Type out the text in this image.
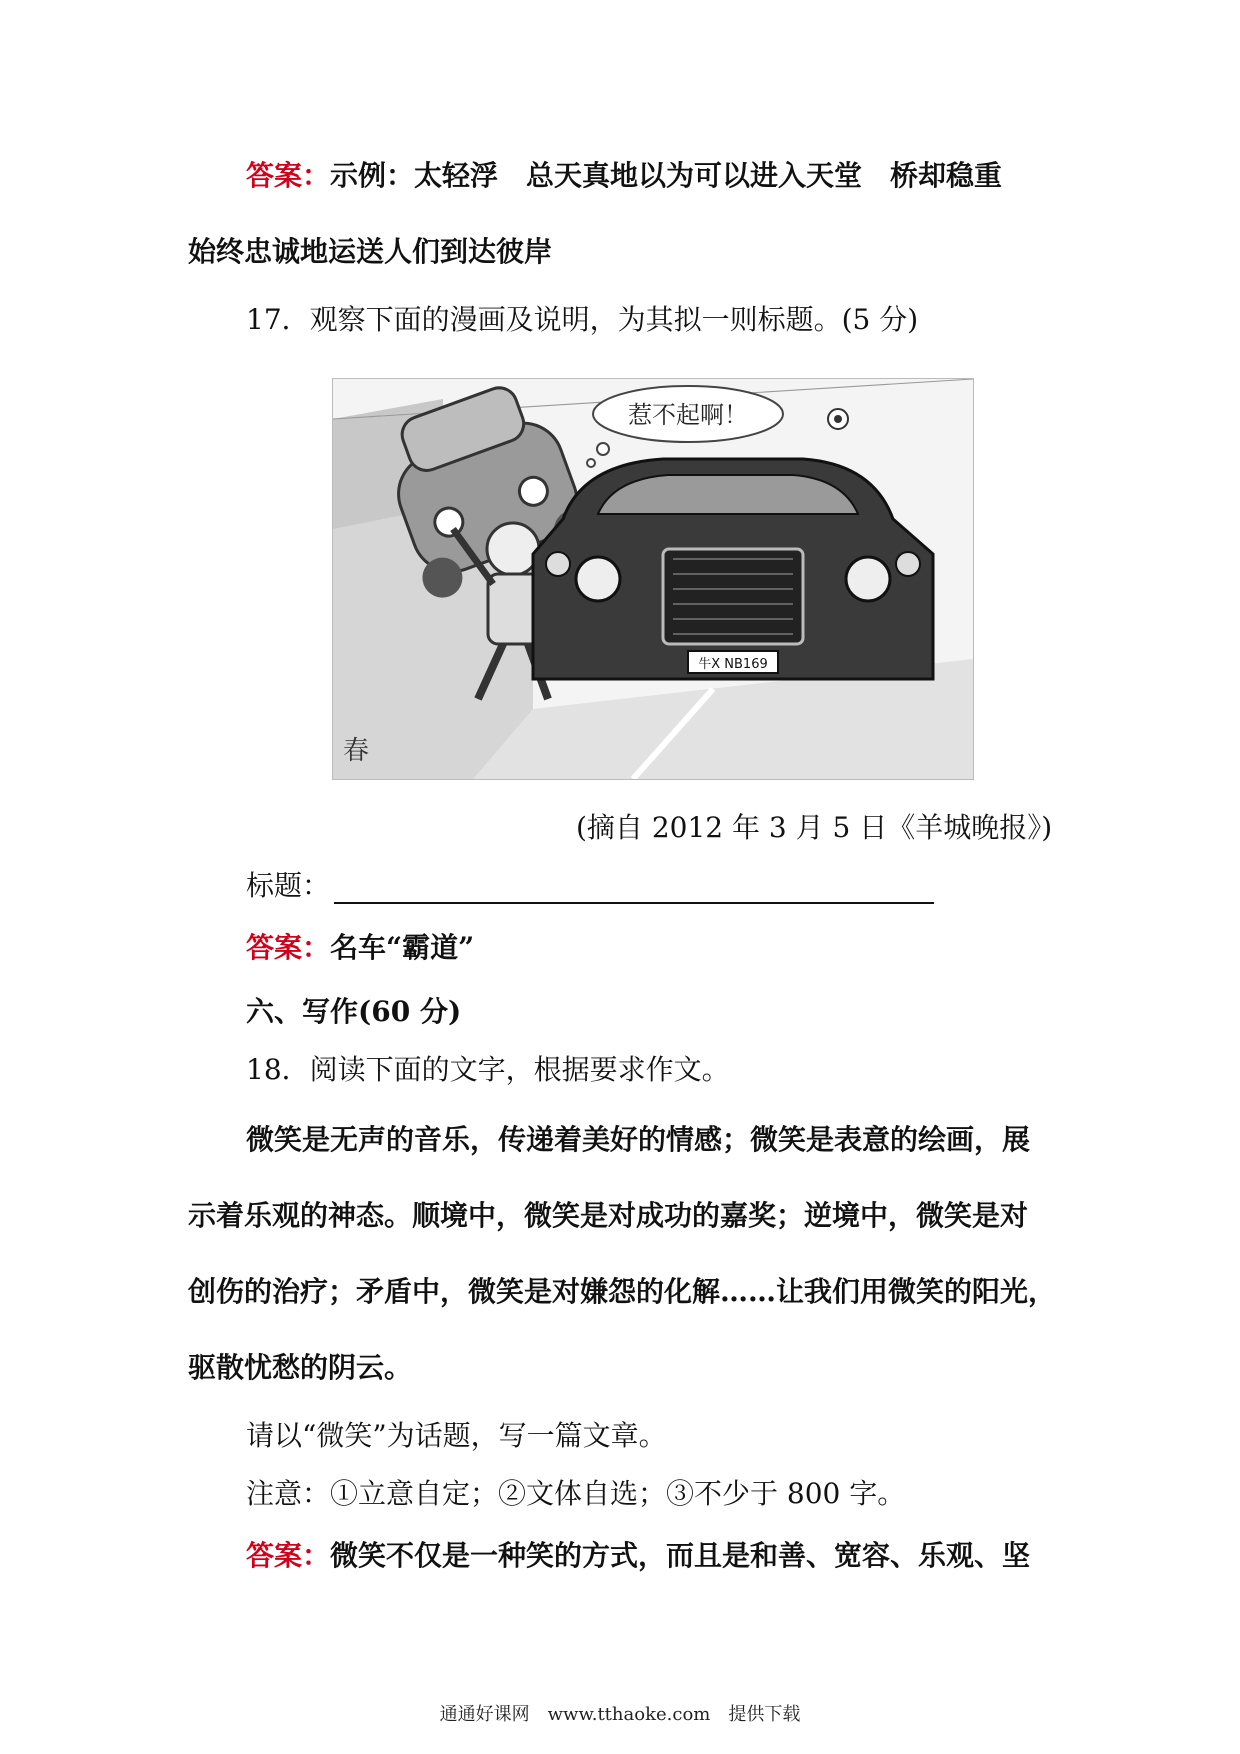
答案：示例：太轻浮　总天真地以为可以进入天堂　桥却稳重
始终忠诚地运送人们到达彼岸
17．观察下面的漫画及说明，为其拟一则标题。(5 分)
惹不起啊！
牛X NB169
春
(摘自 2012 年 3 月 5 日《羊城晚报》)
标题：
答案：名车“霸道”
六、写作(60 分)
18．阅读下面的文字，根据要求作文。
微笑是无声的音乐，传递着美好的情感；微笑是表意的绘画，展
示着乐观的神态。顺境中，微笑是对成功的嘉奖；逆境中，微笑是对
创伤的治疗；矛盾中，微笑是对嫌怨的化解……让我们用微笑的阳光，
驱散忧愁的阴云。
请以“微笑”为话题，写一篇文章。
注意：①立意自定；②文体自选；③不少于 800 字。
答案：微笑不仅是一种笑的方式，而且是和善、宽容、乐观、坚
通通好课网　www.tthaoke.com　提供下载
